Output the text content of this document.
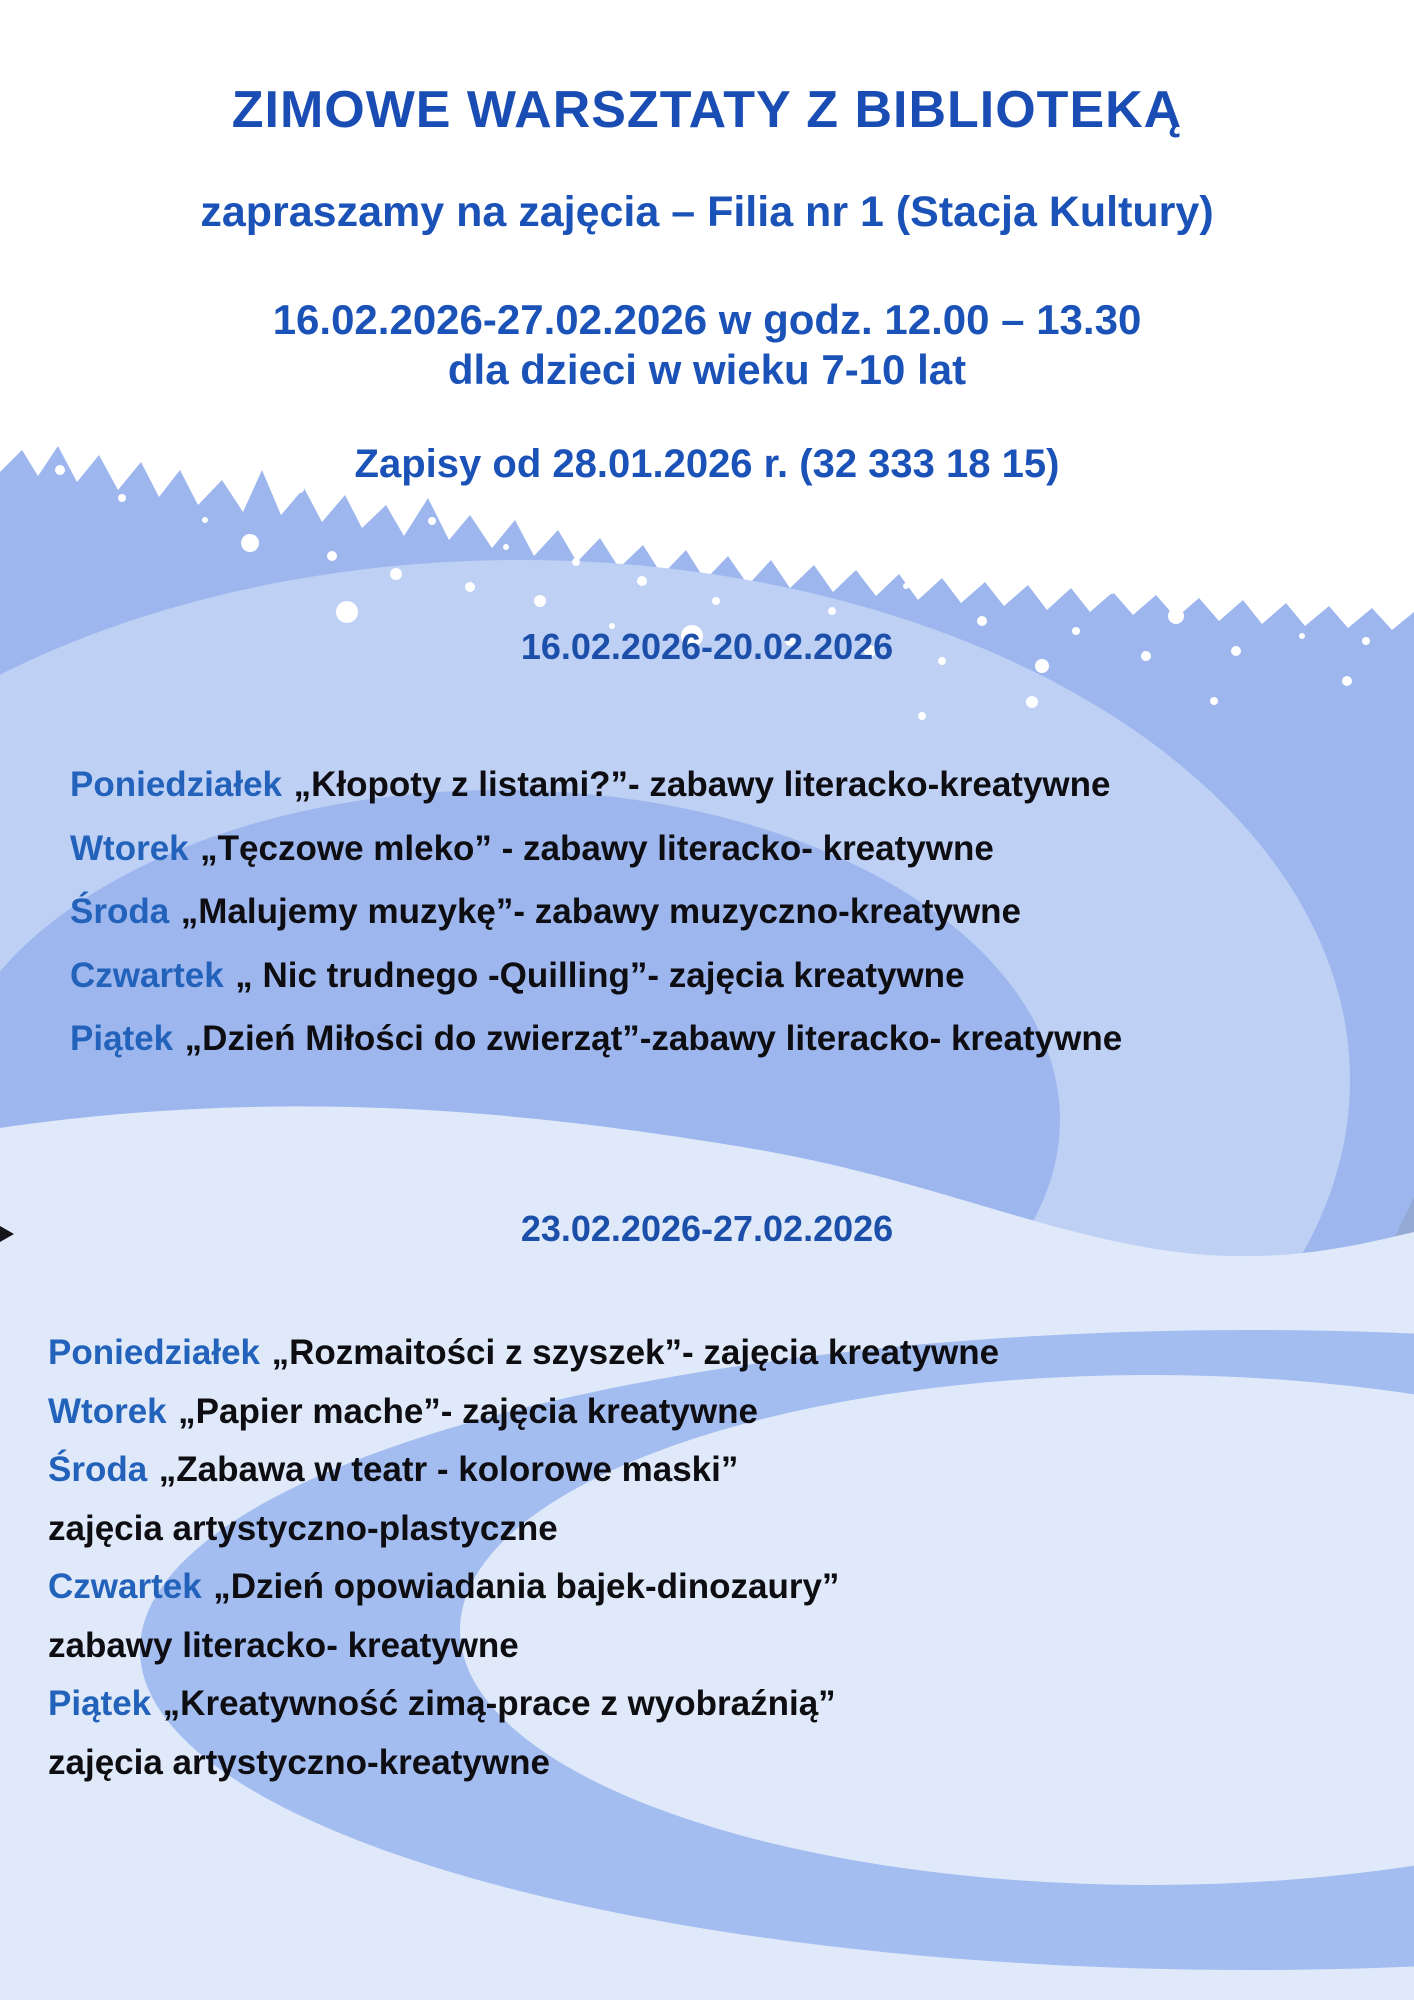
ZIMOWE WARSZTATY Z BIBLIOTEKĄ
zapraszamy na zajęcia – Filia nr 1 (Stacja Kultury)
16.02.2026-27.02.2026 w godz. 12.00 – 13.30
dla dzieci w wieku 7-10 lat
Zapisy od 28.01.2026 r. (32 333 18 15)
16.02.2026-20.02.2026
Poniedziałek „Kłopoty z listami?”- zabawy literacko-kreatywne
Wtorek „Tęczowe mleko” - zabawy literacko- kreatywne
Środa „Malujemy muzykę”- zabawy muzyczno-kreatywne
Czwartek „ Nic trudnego -Quilling”- zajęcia kreatywne
Piątek „Dzień Miłości do zwierząt”-zabawy literacko- kreatywne
23.02.2026-27.02.2026
Poniedziałek „Rozmaitości z szyszek”- zajęcia kreatywne
Wtorek „Papier mache”- zajęcia kreatywne
Środa „Zabawa w teatr - kolorowe maski”
zajęcia artystyczno-plastyczne
Czwartek „Dzień opowiadania bajek-dinozaury”
zabawy literacko- kreatywne
Piątek „Kreatywność zimą-prace z wyobraźnią”
zajęcia artystyczno-kreatywne
